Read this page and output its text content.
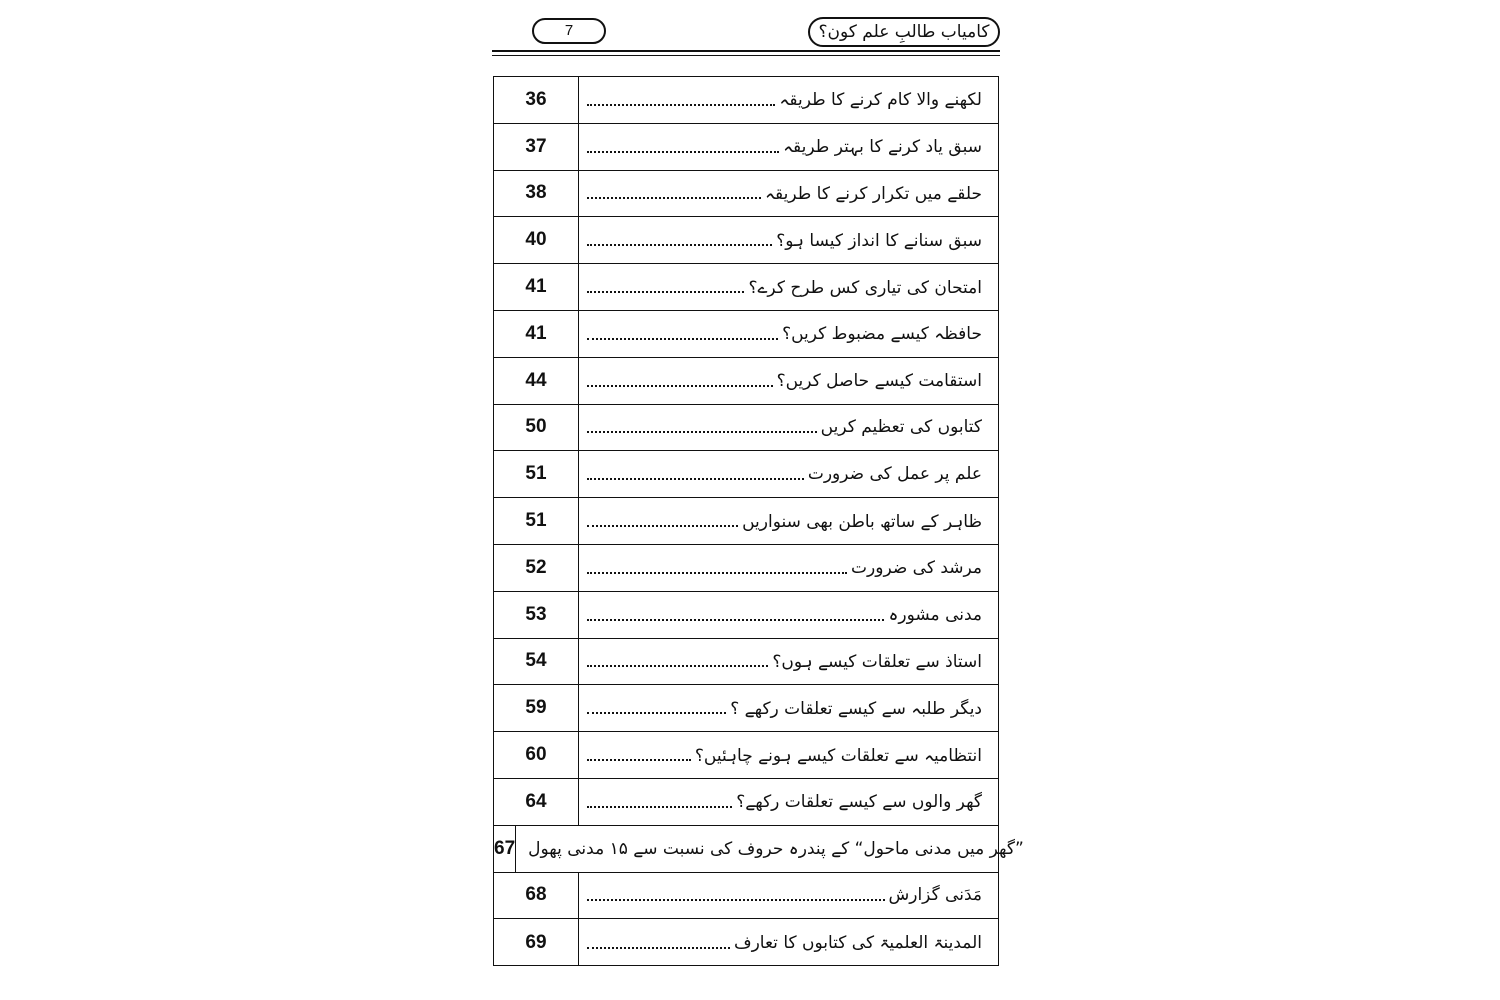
7	کامیاب طالبِ علم کون؟
36	لکھنے والا کام کرنے کا طریقہ
37	سبق یاد کرنے کا بہتر طریقہ
38	حلقے میں تکرار کرنے کا طریقہ
40	سبق سنانے کا انداز کیسا ہو؟
41	امتحان کی تیاری کس طرح کرے؟
41	حافظہ کیسے مضبوط کریں؟
44	استقامت کیسے حاصل کریں؟
50	کتابوں کی تعظیم کریں
51	علم پر عمل کی ضرورت
51	ظاہر کے ساتھ باطن بھی سنواریں
52	مرشد کی ضرورت
53	مدنی مشورہ
54	استاذ سے تعلقات کیسے ہوں؟
59	دیگر طلبہ سے کیسے تعلقات رکھے ؟
60	انتظامیہ سے تعلقات کیسے ہونے چاہئیں؟
64	گھر والوں سے کیسے تعلقات رکھے؟
67 ”گھر میں مدنی ماحول“ کے پندرہ حروف کی نسبت سے ۱۵ مدنی پھول
68	مَدَنی گزارش
69	المدینۃ العلمیۃ کی کتابوں کا تعارف
